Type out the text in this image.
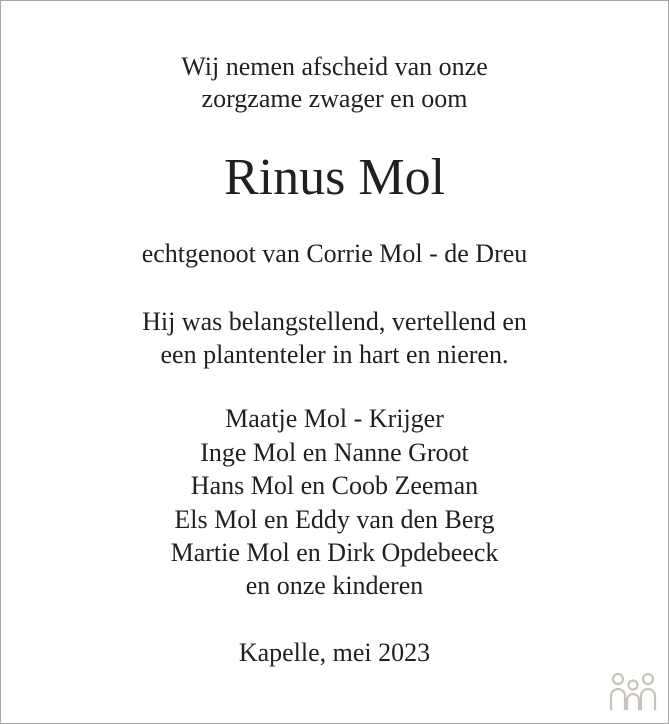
Wij nemen afscheid van onze
zorgzame zwager en oom
Rinus Mol
echtgenoot van Corrie Mol - de Dreu
Hij was belangstellend, vertellend en
een plantenteler in hart en nieren.
Maatje Mol - Krijger
Inge Mol en Nanne Groot
Hans Mol en Coob Zeeman
Els Mol en Eddy van den Berg
Martie Mol en Dirk Opdebeeck
en onze kinderen
Kapelle, mei 2023
